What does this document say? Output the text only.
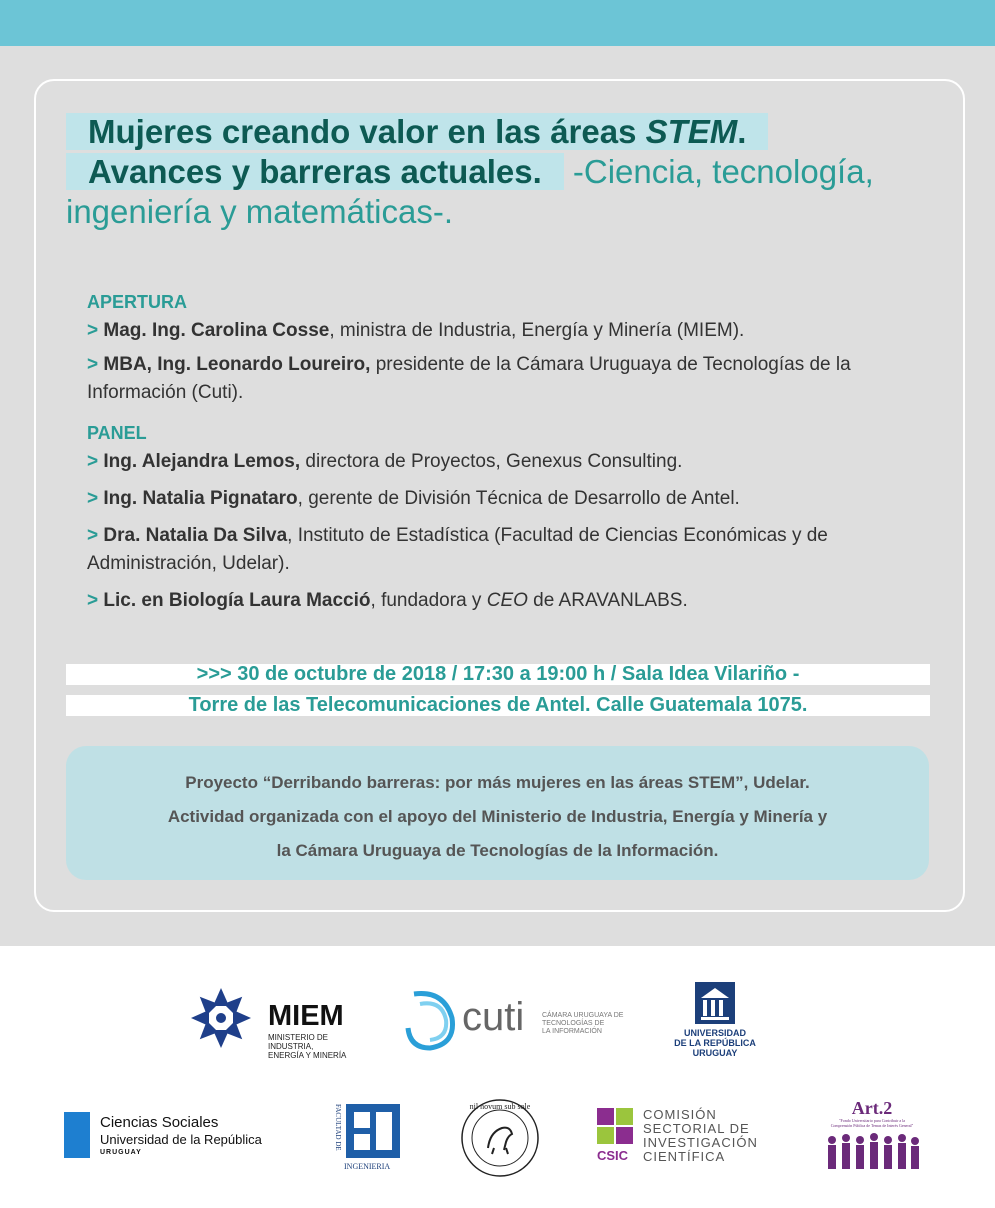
Mujeres creando valor en las áreas STEM.
Avances y barreras actuales. -Ciencia, tecnología, ingeniería y matemáticas-.
APERTURA
> Mag. Ing. Carolina Cosse, ministra de Industria, Energía y Minería (MIEM).
> MBA, Ing. Leonardo Loureiro, presidente de la Cámara Uruguaya de Tecnologías de la Información (Cuti).
PANEL
> Ing. Alejandra Lemos, directora de Proyectos, Genexus Consulting.
> Ing. Natalia Pignataro, gerente de División Técnica de Desarrollo de Antel.
> Dra. Natalia Da Silva, Instituto de Estadística (Facultad de Ciencias Económicas y de Administración, Udelar).
> Lic. en Biología Laura Macció, fundadora y CEO de ARAVANLABS.
>>> 30 de octubre de 2018 / 17:30 a 19:00 h / Sala Idea Vilariño -
Torre de las Telecomunicaciones de Antel. Calle Guatemala 1075.
Proyecto “Derribando barreras: por más mujeres en las áreas STEM”, Udelar.
Actividad organizada con el apoyo del Ministerio de Industria, Energía y Minería y
la Cámara Uruguaya de Tecnologías de la Información.
MIEM
MINISTERIO DE INDUSTRIA,
ENERGÍA Y MINERÍA
cuti	CÁMARA URUGUAYA DE
TECNOLOGÍAS DE
LA INFORMACIÓN	UNIVERSIDAD
DE LA REPÚBLICA
URUGUAY
Ciencias Sociales
Universidad de la República
URUGUAY
FACULTAD DE
INGENIERIA
nil novum sub sole
CSIC
COMISIÓN
SECTORIAL DE
INVESTIGACIÓN
CIENTÍFICA
Art.2
"Fondo Universitario para Contribuir a la
Comprensión Pública de Temas de Interés General"
